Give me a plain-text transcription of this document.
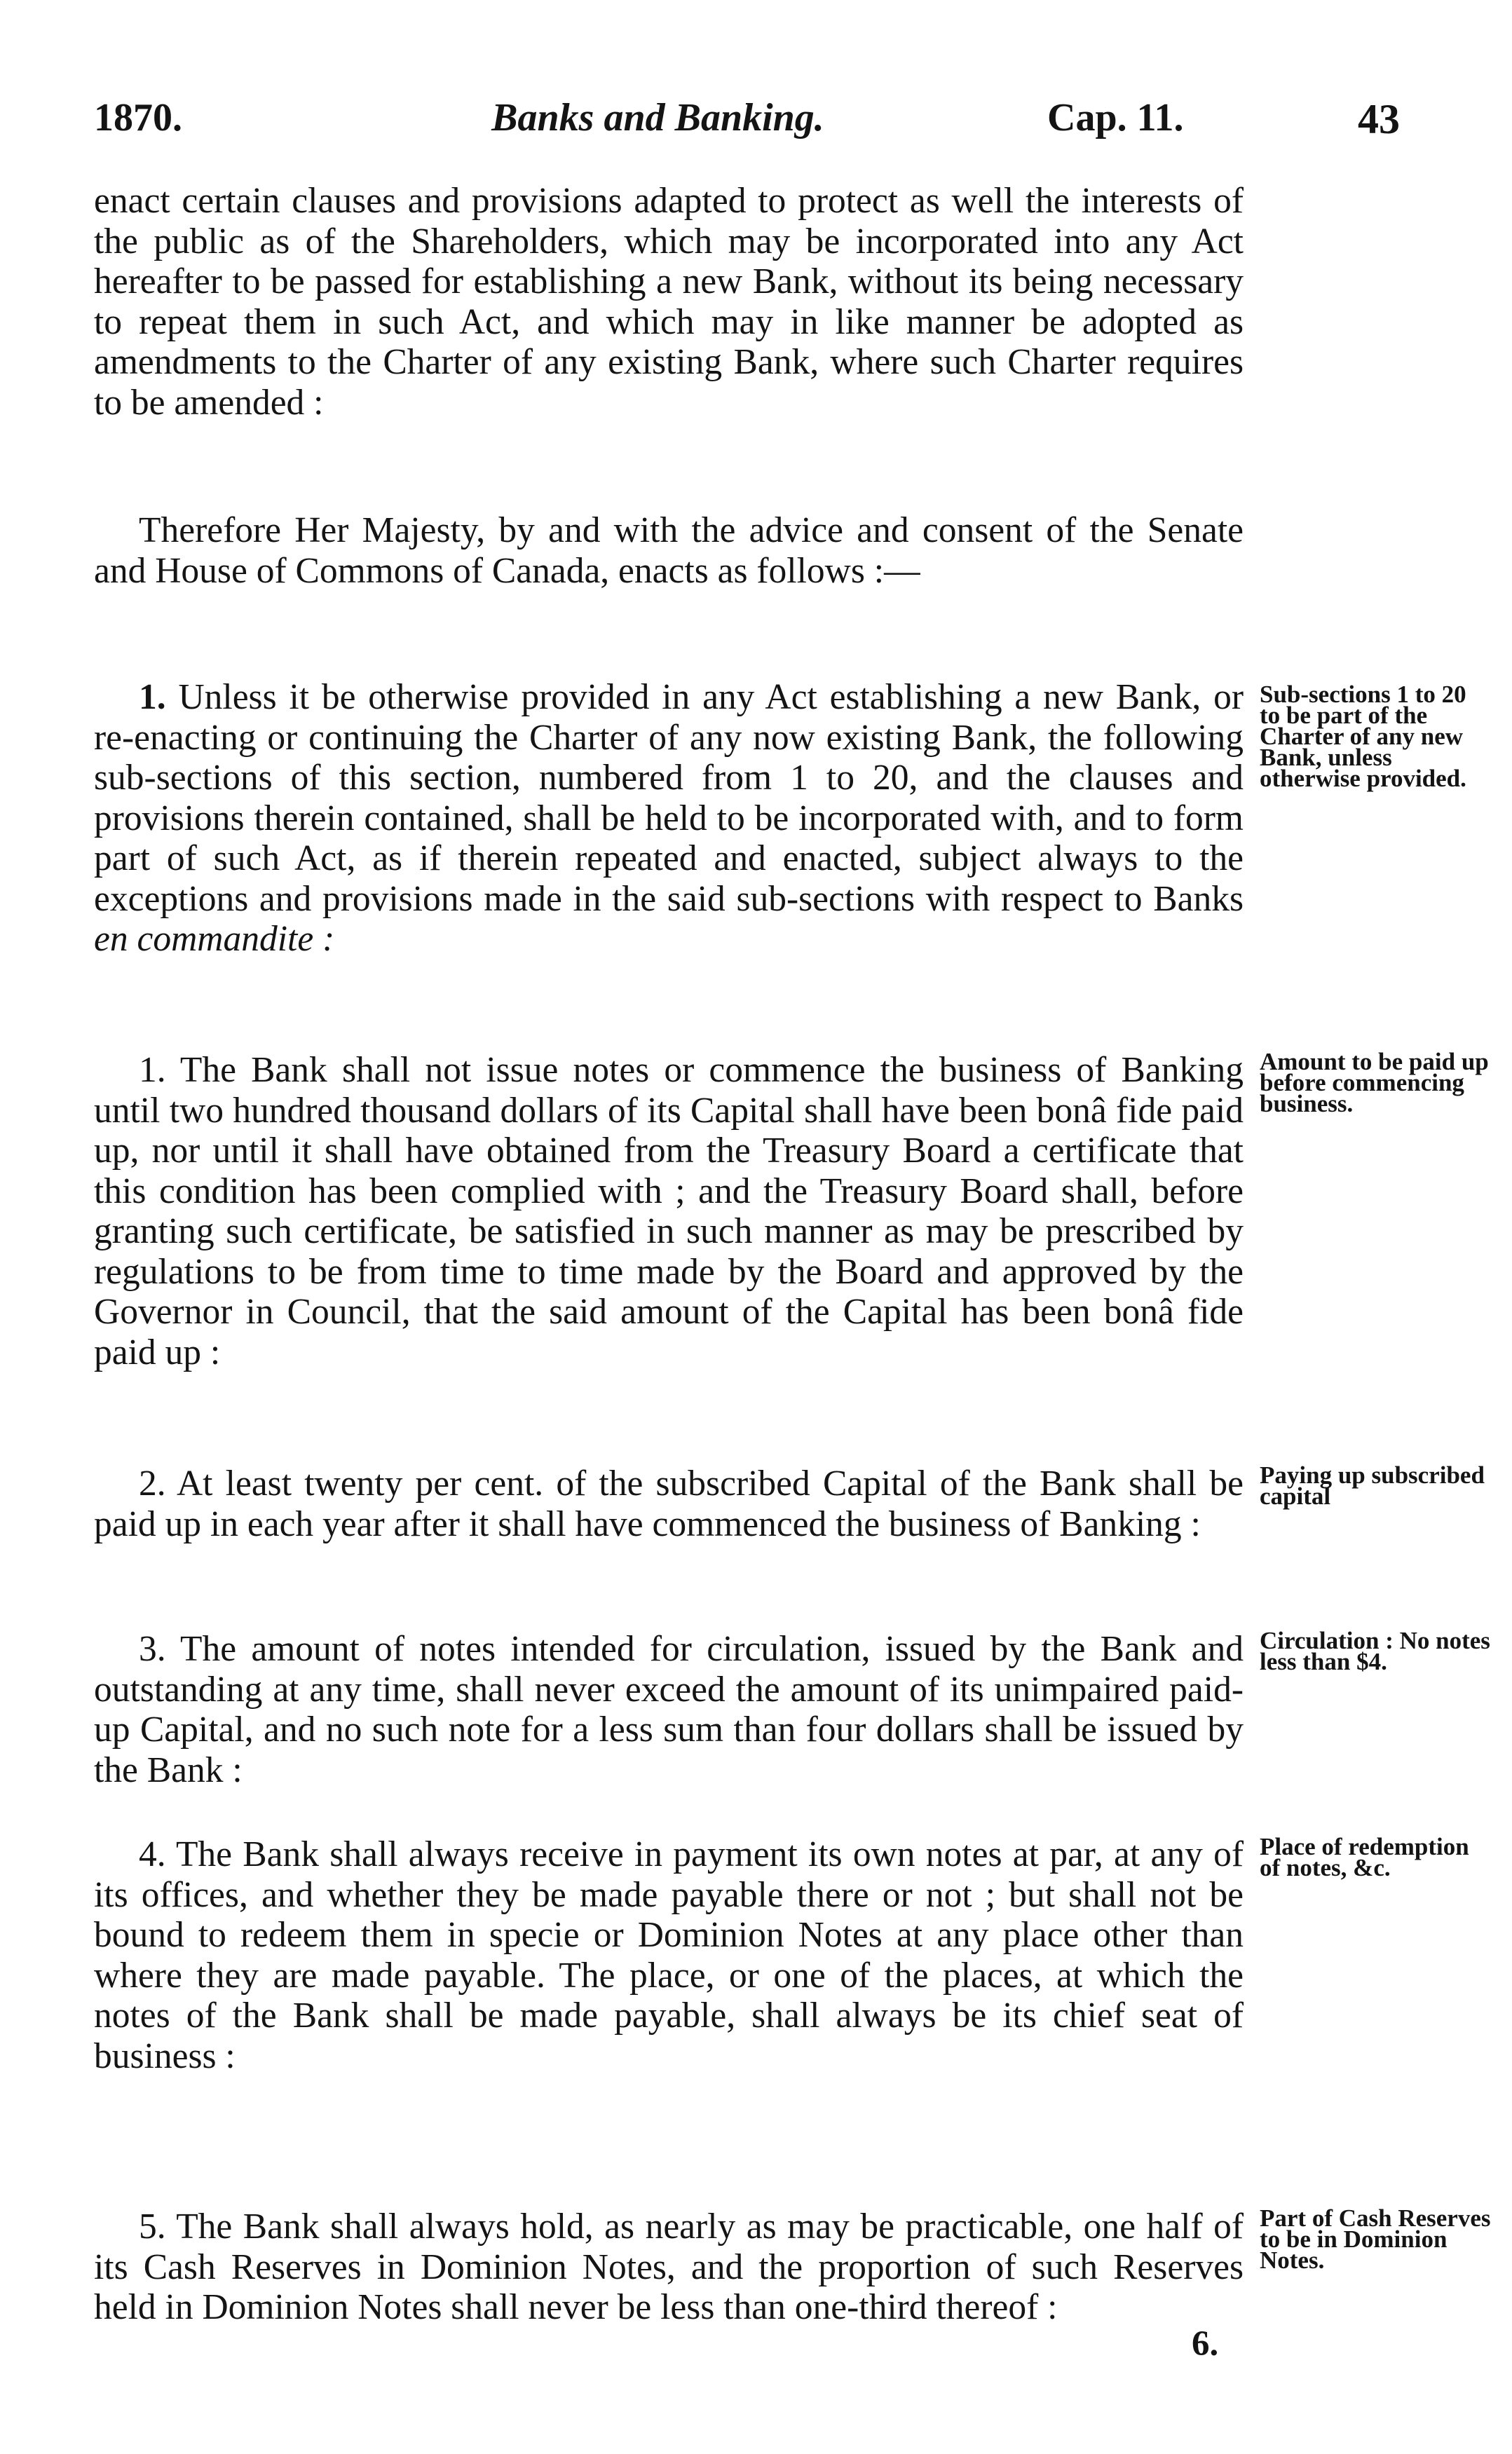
1870.	Banks and Banking.	Cap. 11.	43

enact certain clauses and provisions adapted to protect as well the interests of the public as of the Shareholders, which may be incorporated into any Act hereafter to be passed for establishing a new Bank, without its being necessary to repeat them in such Act, and which may in like manner be adopted as amendments to the Charter of any existing Bank, where such Charter requires to be amended :

Therefore Her Majesty, by and with the advice and consent of the Senate and House of Commons of Canada, enacts as follows :—

1. Unless it be otherwise provided in any Act establishing a new Bank, or re-enacting or continuing the Charter of any now existing Bank, the following sub-sections of this section, numbered from 1 to 20, and the clauses and provisions therein contained, shall be held to be incorporated with, and to form part of such Act, as if therein repeated and enacted, subject always to the exceptions and provisions made in the said sub-sections with respect to Banks en commandite :

1. The Bank shall not issue notes or commence the business of Banking until two hundred thousand dollars of its Capital shall have been bonâ fide paid up, nor until it shall have obtained from the Treasury Board a certificate that this condition has been complied with ; and the Treasury Board shall, before granting such certificate, be satisfied in such manner as may be prescribed by regulations to be from time to time made by the Board and approved by the Governor in Council, that the said amount of the Capital has been bonâ fide paid up :

2. At least twenty per cent. of the subscribed Capital of the Bank shall be paid up in each year after it shall have commenced the business of Banking :

3. The amount of notes intended for circulation, issued by the Bank and outstanding at any time, shall never exceed the amount of its unimpaired paid-up Capital, and no such note for a less sum than four dollars shall be issued by the Bank :

4. The Bank shall always receive in payment its own notes at par, at any of its offices, and whether they be made payable there or not ; but shall not be bound to redeem them in specie or Dominion Notes at any place other than where they are made payable. The place, or one of the places, at which the notes of the Bank shall be made payable, shall always be its chief seat of business :

5. The Bank shall always hold, as nearly as may be practicable, one half of its Cash Reserves in Dominion Notes, and the proportion of such Reserves held in Dominion Notes shall never be less than one-third thereof :

Sub-sections 1 to 20 to be part of the Charter of any new Bank, unless otherwise provided.
Amount to be paid up before commencing business.
Paying up subscribed capital
Circulation : No notes less than $4.
Place of redemption of notes, &c.
Part of Cash Reserves to be in Dominion Notes.
6.
